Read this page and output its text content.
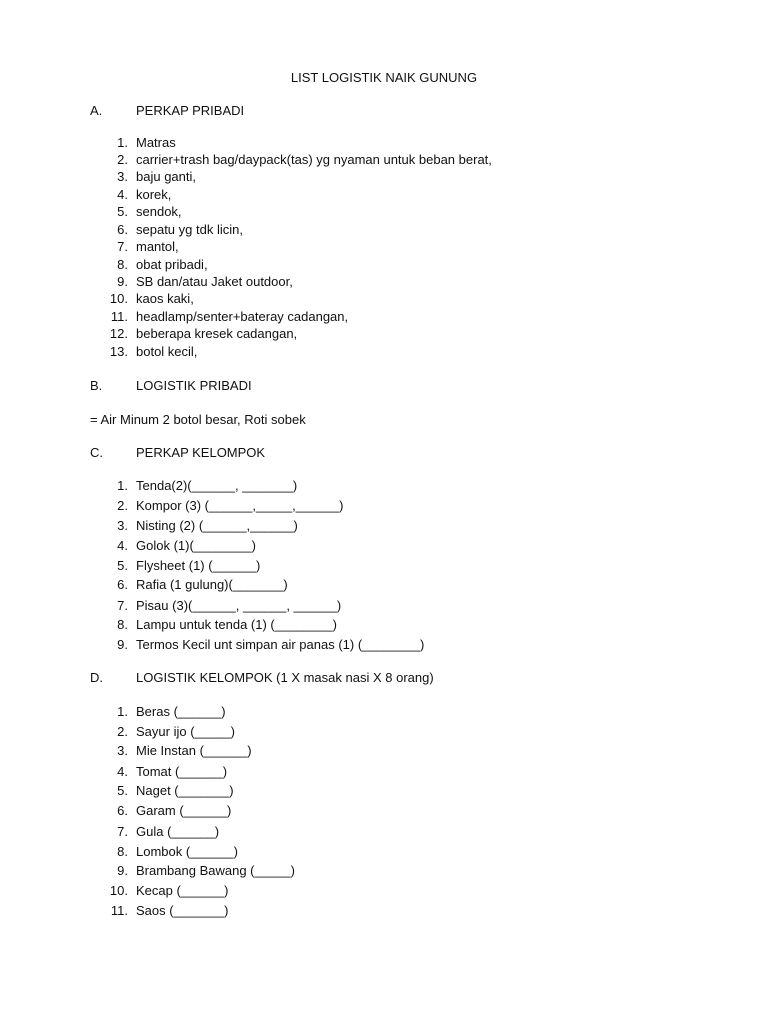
LIST LOGISTIK NAIK GUNUNG
A.	PERKAP PRIBADI
1. Matras
2. carrier+trash bag/daypack(tas) yg nyaman untuk beban berat,
3. baju ganti,
4. korek,
5. sendok,
6. sepatu yg tdk licin,
7. mantol,
8. obat pribadi,
9. SB dan/atau Jaket outdoor,
10. kaos kaki,
11. headlamp/senter+bateray cadangan,
12. beberapa kresek cadangan,
13. botol kecil,
B.	LOGISTIK PRIBADI
= Air Minum 2 botol besar, Roti sobek
C.	PERKAP KELOMPOK
1. Tenda(2)(______, _______)
2. Kompor (3) (______,_____,______)
3. Nisting (2) (______,______)
4. Golok (1)(________)
5. Flysheet (1) (______)
6. Rafia (1 gulung)(_______)
7. Pisau (3)(______, ______, ______)
8. Lampu untuk tenda (1) (________)
9. Termos Kecil unt simpan air panas (1) (________)
D.	LOGISTIK KELOMPOK (1 X masak nasi X 8 orang)
1. Beras (______)
2. Sayur ijo (_____)
3. Mie Instan (______)
4. Tomat (______)
5. Naget (_______)
6. Garam (______)
7. Gula (______)
8. Lombok (______)
9. Brambang Bawang (_____)
10. Kecap (______)
11. Saos (_______)
